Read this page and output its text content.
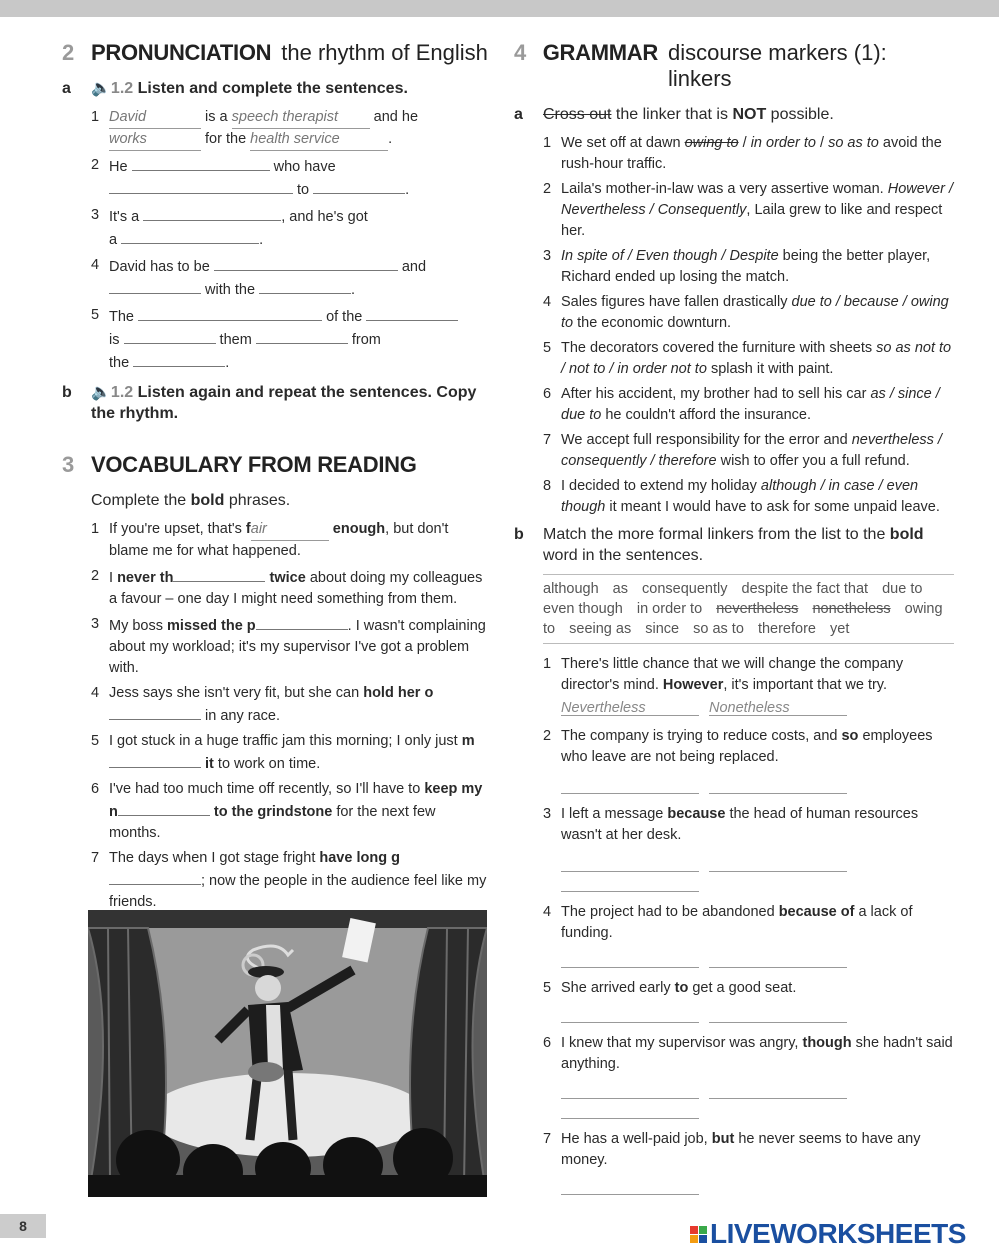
2 PRONUNCIATION the rhythm of English
a	🔈1.2 Listen and complete the sentences.
1 David	is a speech therapist and he
works	for the health service	.
2 He	who have
to	.
3 It's a	, and he's got
a	.
4 David has to be	and
with the	.
5 The	of the
is	them	from
the	.
b	🔈1.2 Listen again and repeat the sentences. Copy the rhythm.
3 VOCABULARY FROM READING
Complete the bold phrases.
1 If you're upset, that's fair	enough, but don't blame me for what happened.
2 I never th	twice about doing my colleagues a favour – one day I might need something from them.
3 My boss missed the p	. I wasn't complaining about my workload; it's my supervisor I've got a problem with.
4 Jess says she isn't very fit, but she can hold her o in any race.
5 I got stuck in a huge traffic jam this morning; I only just m it to work on time.
6 I've had too much time off recently, so I'll have to keep my n	to the grindstone for the next few months.
7 The days when I got stage fright have long g; now the people in the audience feel like my friends.
4 GRAMMAR discourse markers (1): linkers
a	Cross out the linker that is NOT possible.
1 We set off at dawn owing to / in order to / so as to avoid the rush-hour traffic.
2 Laila's mother-in-law was a very assertive woman. However / Nevertheless / Consequently, Laila grew to like and respect her.
3 In spite of / Even though / Despite being the better player, Richard ended up losing the match.
4 Sales figures have fallen drastically due to / because / owing to the economic downturn.
5 The decorators covered the furniture with sheets so as not to / not to / in order not to splash it with paint.
6 After his accident, my brother had to sell his car as / since / due to he couldn't afford the insurance.
7 We accept full responsibility for the error and nevertheless / consequently / therefore wish to offer you a full refund.
8 I decided to extend my holiday although / in case / even though it meant I would have to ask for some unpaid leave.
b	Match the more formal linkers from the list to the bold word in the sentences.
although as consequently despite the fact that due to even though in order to nevertheless nonetheless owing to seeing as since so as to therefore yet
1 There's little chance that we will change the company director's mind. However, it's important that we try.
Nevertheless	Nonetheless
2 The company is trying to reduce costs, and so employees who leave are not being replaced.
3 I left a message because the head of human resources wasn't at her desk.
4 The project had to be abandoned because of a lack of funding.
5 She arrived early to get a good seat.
6 I knew that my supervisor was angry, though she hadn't said anything.
7 He has a well-paid job, but he never seems to have any money.
8	LIVEWORKSHEETS
